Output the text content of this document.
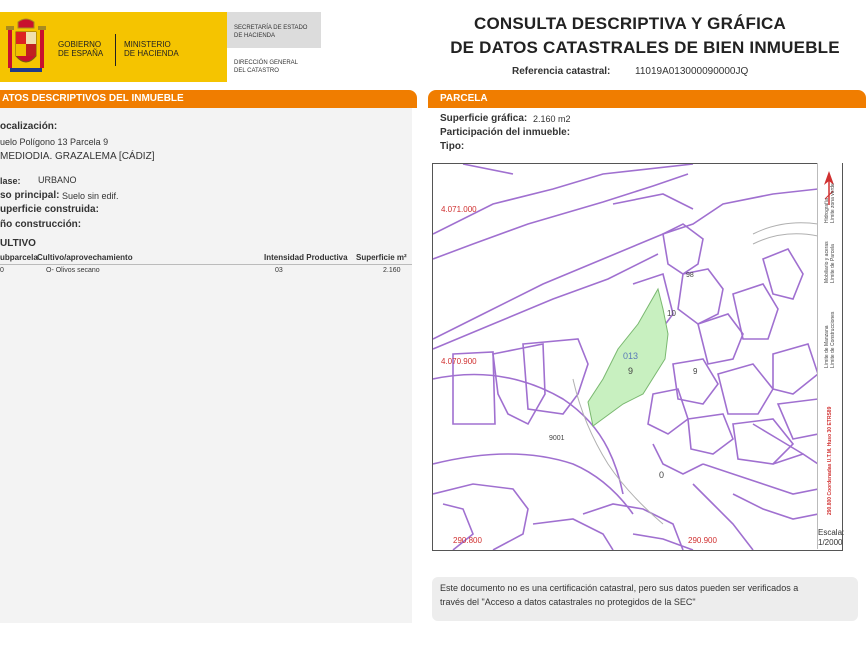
GOBIERNO
DE ESPAÑA
MINISTERIO
DE HACIENDA
SECRETARÍA DE ESTADO
DE HACIENDA
DIRECCIÓN GENERAL
DEL CATASTRO
CONSULTA DESCRIPTIVA Y GRÁFICA
DE DATOS CATASTRALES DE BIEN INMUEBLE
Referencia catastral: 11019A013000090000JQ
ATOS DESCRIPTIVOS DEL INMUEBLE
ocalización:
uelo Polígono 13 Parcela 9
MEDIODIA. GRAZALEMA [CÁDIZ]
lase: URBANO
so principal: Suelo sin edif.
uperficie construida:
ño construcción:
ULTIVO
ubparcela Cultivo/aprovechamiento	Intensidad Productiva Superficie m²
0	O- Olivos secano	03	2.160
PARCELA
Superficie gráfica: 2.160 m2
Participación del inmueble:
Tipo:
4.071.000
4.070.900
290.800	290.900
013
9
0
10
9
98
9001
Hidrografía Límite zona verde
Mobiliario y aceras Límite de Parcela
Límite de Manzana Límite de Construcciones
290.800 Coordenadas U.T.M. Huso 30 ETRS89
Escala:
1/2000
Este documento no es una certificación catastral, pero sus datos pueden ser verificados a
través del "Acceso a datos catastrales no protegidos de la SEC"
